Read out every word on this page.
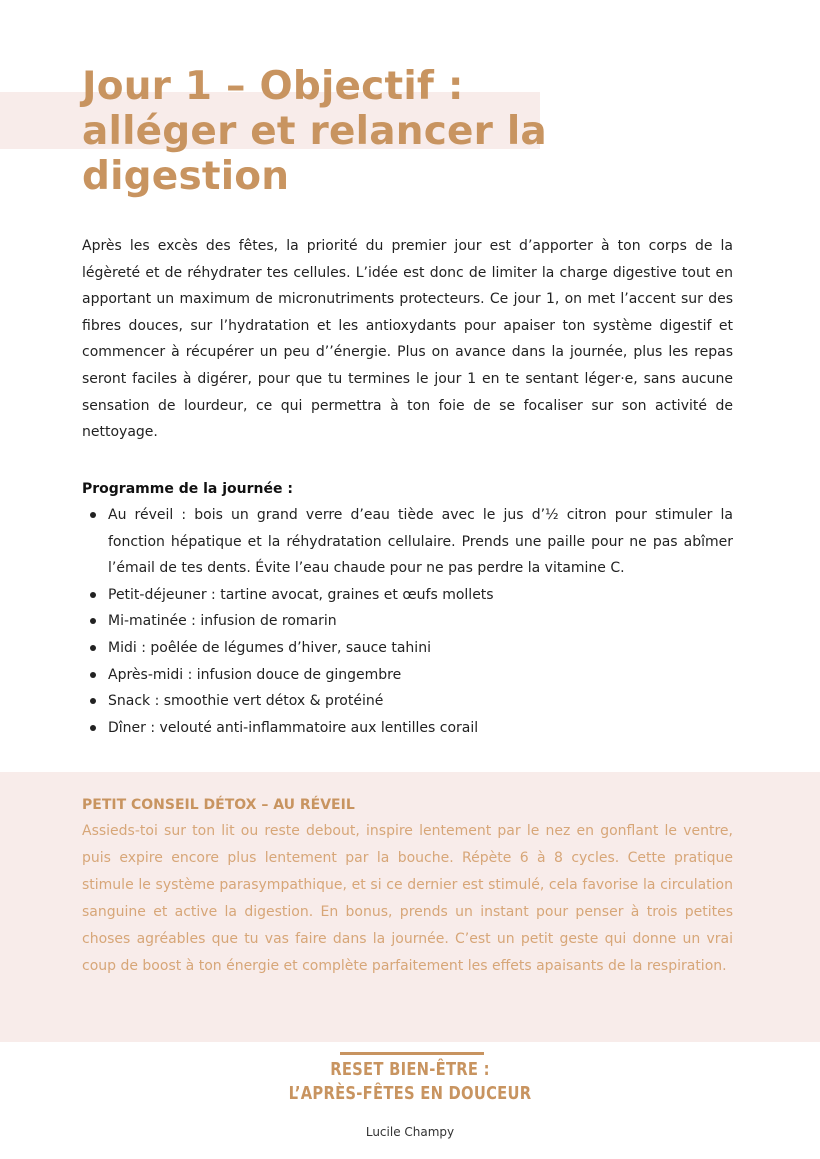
Jour 1 – Objectif : alléger et relancer la digestion

Après les excès des fêtes, la priorité du premier jour est d’apporter à ton corps de la légèreté et de réhydrater tes cellules. L’idée est donc de limiter la charge digestive tout en apportant un maximum de micronutriments protecteurs. Ce jour 1, on met l’accent sur des fibres douces, sur l’hydratation et les antioxydants pour apaiser ton système digestif et commencer à récupérer un peu d’’énergie. Plus on avance dans la journée, plus les repas seront faciles à digérer, pour que tu termines le jour 1 en te sentant léger·e, sans aucune sensation de lourdeur, ce qui permettra à ton foie de se focaliser sur son activité de nettoyage.

Programme de la journée :

Au réveil : bois un grand verre d’eau tiède avec le jus d’½ citron pour stimuler la fonction hépatique et la réhydratation cellulaire. Prends une paille pour ne pas abîmer l’émail de tes dents. Évite l’eau chaude pour ne pas perdre la vitamine C.
Petit-déjeuner : tartine avocat, graines et œufs mollets
Mi-matinée : infusion de romarin
Midi : poêlée de légumes d’hiver, sauce tahini
Après-midi : infusion douce de gingembre
Snack : smoothie vert détox & protéiné
Dîner : velouté anti-inflammatoire aux lentilles corail

PETIT CONSEIL DÉTOX – AU RÉVEIL

Assieds-toi sur ton lit ou reste debout, inspire lentement par le nez en gonflant le ventre, puis expire encore plus lentement par la bouche. Répète 6 à 8 cycles. Cette pratique stimule le système parasympathique, et si ce dernier est stimulé, cela favorise la circulation sanguine et active la digestion. En bonus, prends un instant pour penser à trois petites choses agréables que tu vas faire dans la journée. C’est un petit geste qui donne un vrai coup de boost à ton énergie et complète parfaitement les effets apaisants de la respiration.

RESET BIEN-ÊTRE :
L’APRÈS-FÊTES EN DOUCEUR

Lucile Champy
